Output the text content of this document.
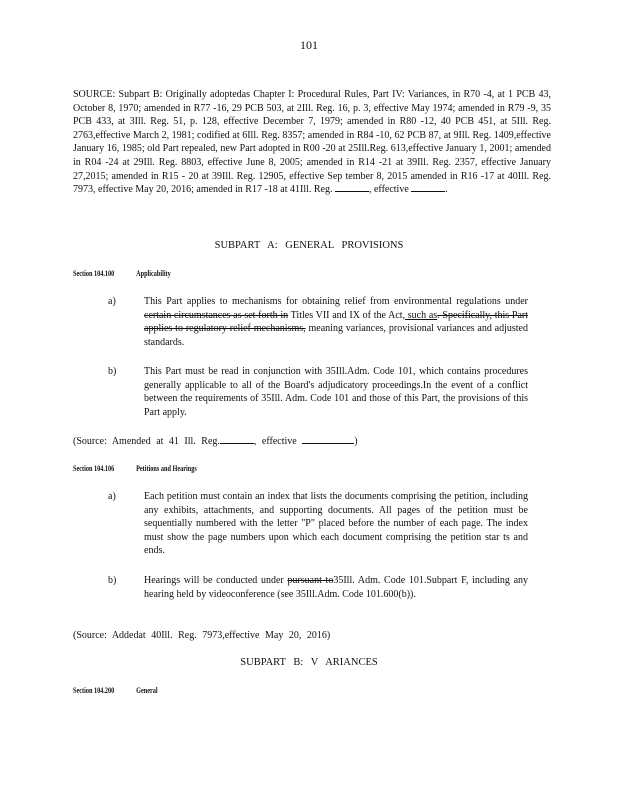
101
SOURCE: Subpart B: Originally adoptedas Chapter I: Procedural Rules, Part IV: Variances, in R70 -4, at 1 PCB 43, October 8, 1970; amended in R77 -16, 29 PCB 503, at 2Ill. Reg. 16, p. 3, effective May 1974; amended in R79 -9, 35 PCB 433, at 3Ill. Reg. 51, p. 128, effective December 7, 1979; amended in R80 -12, 40 PCB 451, at 5Ill. Reg. 2763,effective March 2, 1981; codified at 6Ill. Reg. 8357; amended in R84 -10, 62 PCB 87, at 9Ill. Reg. 1409,effective January 16, 1985; old Part repealed, new Part adopted in R00 -20 at 25Ill.Reg. 613,effective January 1, 2001; amended in R04 -24 at 29Ill. Reg. 8803, effective June 8, 2005; amended in R14 -21 at 39Ill. Reg. 2357, effective January 27,2015; amended in R15 - 20 at 39Ill. Reg. 12905, effective Sep tember 8, 2015 amended in R16 -17 at 40Ill. Reg. 7973, effective May 20, 2016; amended in R17 -18 at 41Ill. Reg.	, effective	.
SUBPART A: GENERAL PROVISIONS
Section 104.100	Applicability
a)	This Part applies to mechanisms for obtaining relief from environmental regulations under certain circumstances as set forth in Titles VII and IX of the Act, such as. Specifically, this Part applies to regulatory relief mechanisms, meaning variances, provisional variances and adjusted standards.
b)	This Part must be read in conjunction with 35Ill.Adm. Code 101, which contains procedures generally applicable to all of the Board's adjudicatory proceedings.In the event of a conflict between the requirements of 35Ill. Adm. Code 101 and those of this Part, the provisions of this Part apply.
(Source: Amended at 41 Ill. Reg.	, effective	)
Section 104.106	Petitions and Hearings
a)	Each petition must contain an index that lists the documents comprising the petition, including any exhibits, attachments, and supporting documents. All pages of the petition must be sequentially numbered with the letter "P" placed before the number of each page. The index must show the page numbers upon which each document comprising the petition star ts and ends.
b)	Hearings will be conducted under pursuant to35Ill. Adm. Code 101.Subpart F, including any hearing held by videoconference (see 35Ill.Adm. Code 101.600(b)).
(Source: Addedat 40Ill. Reg. 7973,effective May 20, 2016)
SUBPART B: V ARIANCES
Section 104.200	General
